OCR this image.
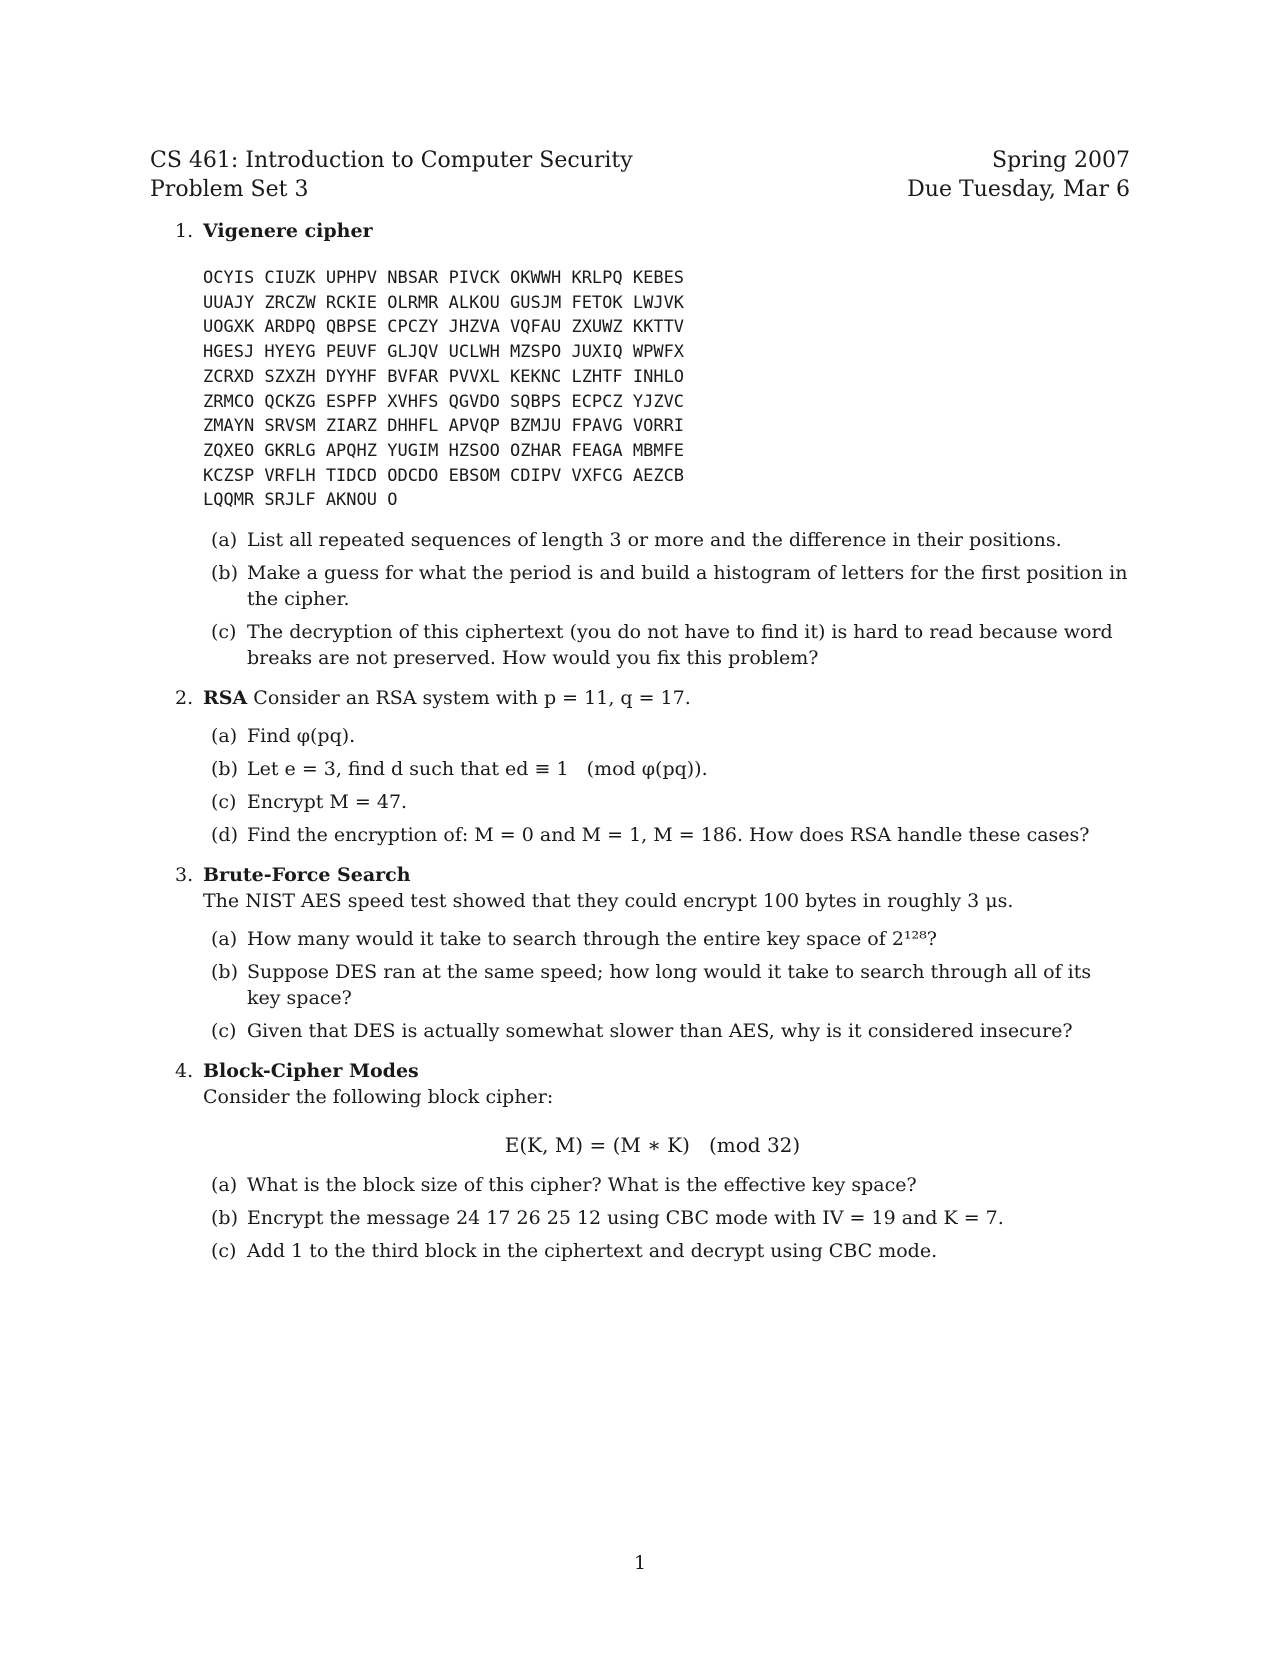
CS 461: Introduction to Computer Security
Problem Set 3
Spring 2007
Due Tuesday, Mar 6
1. Vigenere cipher
OCYIS CIUZK UPHPV NBSAR PIVCK OKWWH KRLPQ KEBES
UUAJY ZRCZW RCKIE OLRMR ALKOU GUSJM FETOK LWJVK
UOGXK ARDPQ QBPSE CPCZY JHZVA VQFAU ZXUWZ KKTTV
HGESJ HYEYG PEUVF GLJQV UCLWH MZSPO JUXIQ WPWFX
ZCRXD SZXZH DYYHF BVFAR PVVXL KEKNC LZHTF INHLO
ZRMCO QCKZG ESPFP XVHFS QGVDO SQBPS ECPCZ YJZVC
ZMAYN SRVSM ZIARZ DHHFL APVQP BZMJU FPAVG VORRI
ZQXEO GKRLG APQHZ YUGIM HZSOO OZHAR FEAGA MBMFE
KCZSP VRFLH TIDCD ODCDO EBSOM CDIPV VXFCG AEZCB
LQQMR SRJLF AKNOU O
(a) List all repeated sequences of length 3 or more and the difference in their positions.
(b) Make a guess for what the period is and build a histogram of letters for the first position in the cipher.
(c) The decryption of this ciphertext (you do not have to find it) is hard to read because word breaks are not preserved. How would you fix this problem?
2. RSA Consider an RSA system with p = 11, q = 17.
(a) Find φ(pq).
(b) Let e = 3, find d such that ed ≡ 1   (mod φ(pq)).
(c) Encrypt M = 47.
(d) Find the encryption of: M = 0 and M = 1, M = 186. How does RSA handle these cases?
3. Brute-Force Search
The NIST AES speed test showed that they could encrypt 100 bytes in roughly 3 μs.
(a) How many would it take to search through the entire key space of 2¹²⁸?
(b) Suppose DES ran at the same speed; how long would it take to search through all of its key space?
(c) Given that DES is actually somewhat slower than AES, why is it considered insecure?
4. Block-Cipher Modes
Consider the following block cipher:
E(K, M) = (M ∗ K)   (mod 32)
(a) What is the block size of this cipher? What is the effective key space?
(b) Encrypt the message 24 17 26 25 12 using CBC mode with IV = 19 and K = 7.
(c) Add 1 to the third block in the ciphertext and decrypt using CBC mode.
1
